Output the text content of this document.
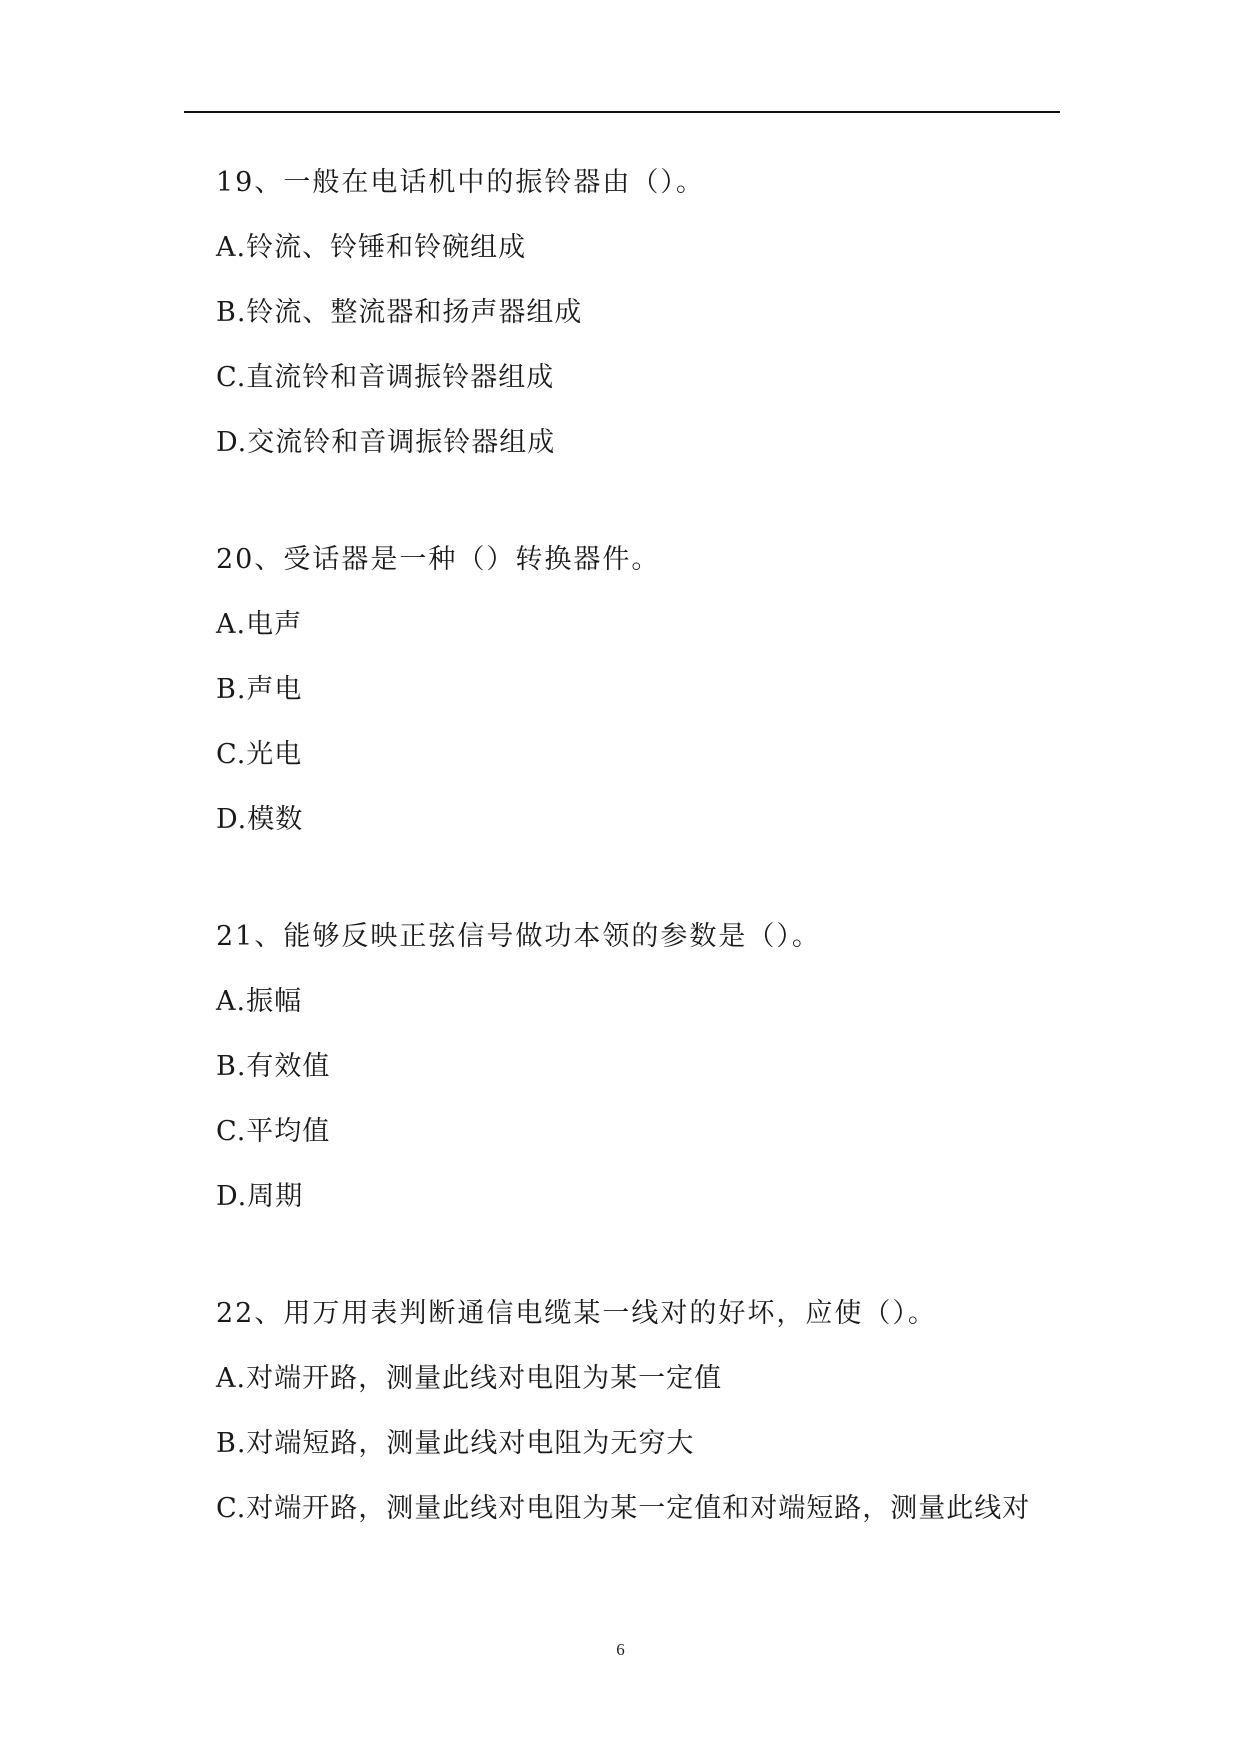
19、一般在电话机中的振铃器由（）。
A.铃流、铃锤和铃碗组成
B.铃流、整流器和扬声器组成
C.直流铃和音调振铃器组成
D.交流铃和音调振铃器组成
20、受话器是一种（）转换器件。
A.电声
B.声电
C.光电
D.模数
21、能够反映正弦信号做功本领的参数是（）。
A.振幅
B.有效值
C.平均值
D.周期
22、用万用表判断通信电缆某一线对的好坏，应使（）。
A.对端开路，测量此线对电阻为某一定值
B.对端短路，测量此线对电阻为无穷大
C.对端开路，测量此线对电阻为某一定值和对端短路，测量此线对
6
